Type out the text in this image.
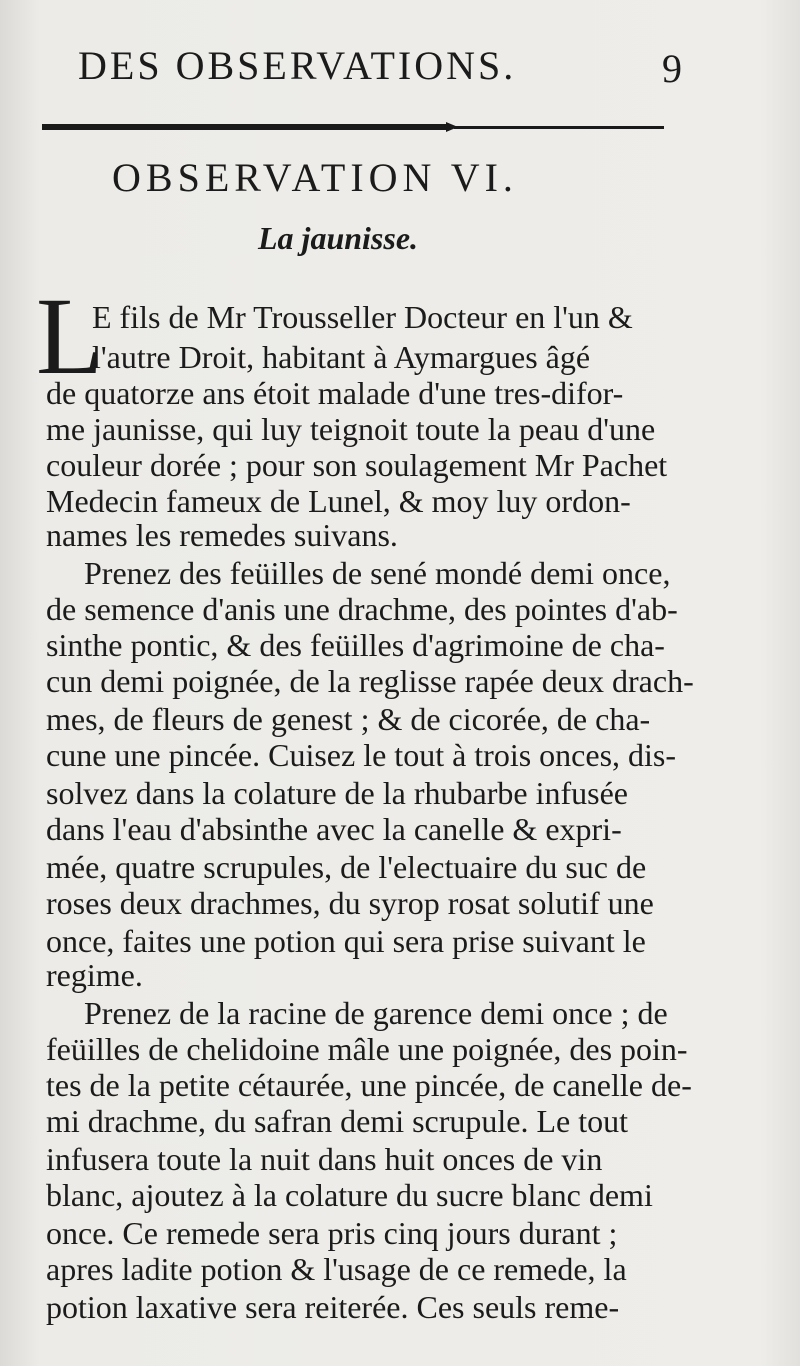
DES OBSERVATIONS.	9
OBSERVATION VI.
La jaunisse.
L
E fils de Mr Trousseller Docteur en l'un &
l'autre Droit, habitant à Aymargues âgé
de quatorze ans étoit malade d'une tres-difor-
me jaunisse, qui luy teignoit toute la peau d'une
couleur dorée ; pour son soulagement Mr Pachet
Medecin fameux de Lunel, & moy luy ordon-
names les remedes suivans.
Prenez des feüilles de sené mondé demi once,
de semence d'anis une drachme, des pointes d'ab-
sinthe pontic, & des feüilles d'agrimoine de cha-
cun demi poignée, de la reglisse rapée deux drach-
mes, de fleurs de genest ; & de cicorée, de cha-
cune une pincée. Cuisez le tout à trois onces, dis-
solvez dans la colature de la rhubarbe infusée
dans l'eau d'absinthe avec la canelle & expri-
mée, quatre scrupules, de l'electuaire du suc de
roses deux drachmes, du syrop rosat solutif une
once, faites une potion qui sera prise suivant le
regime.
Prenez de la racine de garence demi once ; de
feüilles de chelidoine mâle une poignée, des poin-
tes de la petite cétaurée, une pincée, de canelle de-
mi drachme, du safran demi scrupule. Le tout
infusera toute la nuit dans huit onces de vin
blanc, ajoutez à la colature du sucre blanc demi
once. Ce remede sera pris cinq jours durant ;
apres ladite potion & l'usage de ce remede, la
potion laxative sera reiterée. Ces seuls reme-
